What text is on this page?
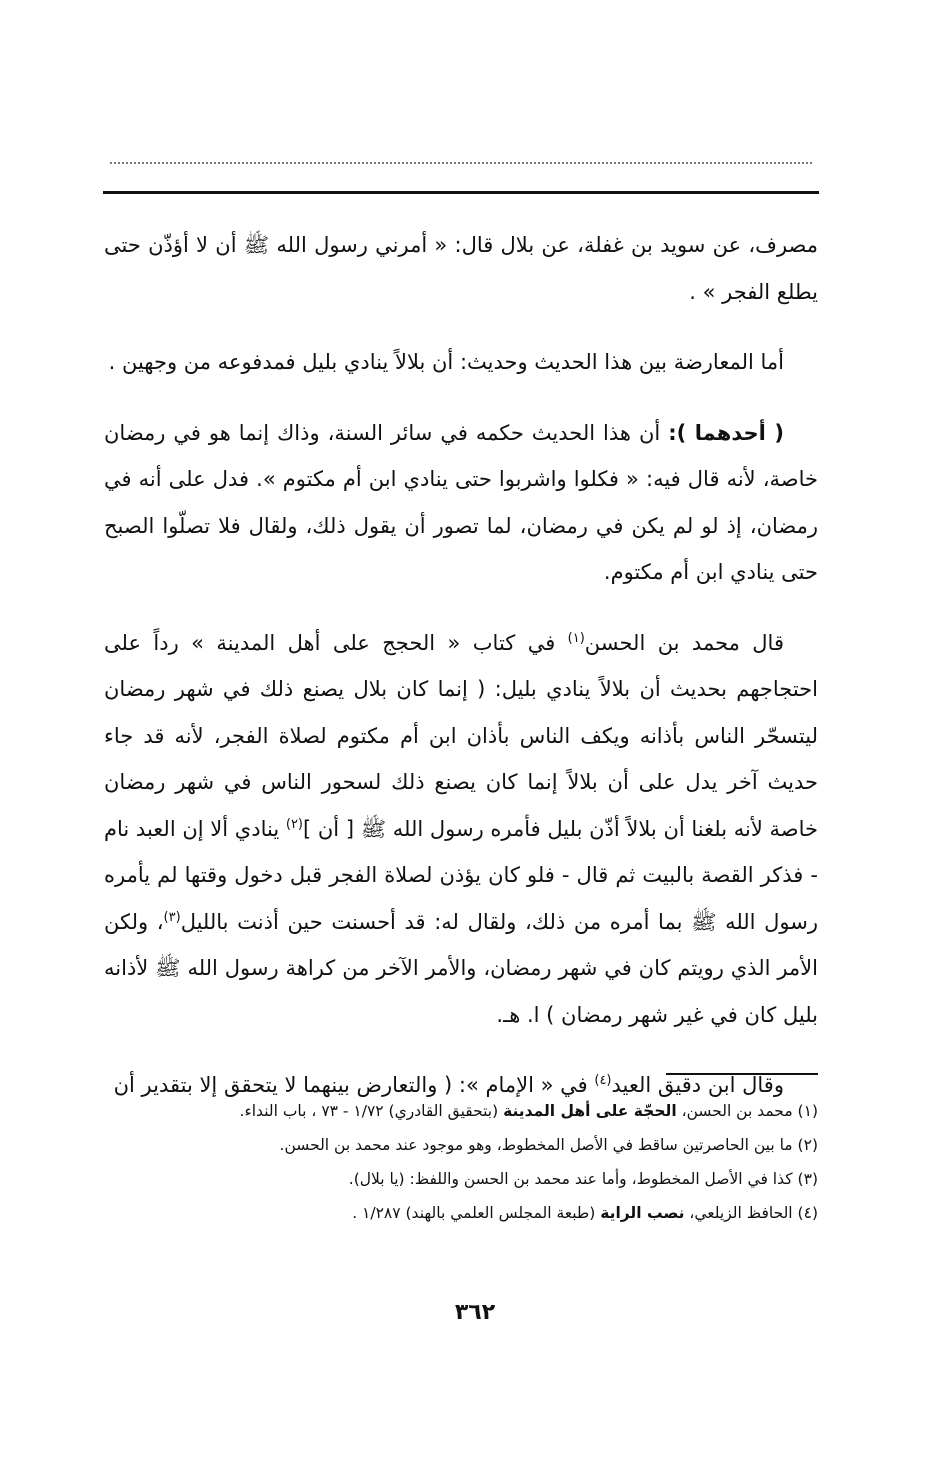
مصرف، عن سويد بن غفلة، عن بلال قال: « أمرني رسول الله ﷺ أن لا أؤذّن حتى يطلع الفجر » .

أما المعارضة بين هذا الحديث وحديث: أن بلالاً ينادي بليل فمدفوعه من وجهين .

( أحدهما ): أن هذا الحديث حكمه في سائر السنة، وذاك إنما هو في رمضان خاصة، لأنه قال فيه: « فكلوا واشربوا حتى ينادي ابن أم مكتوم ». فدل على أنه في رمضان، إذ لو لم يكن في رمضان، لما تصور أن يقول ذلك، ولقال فلا تصلّوا الصبح حتى ينادي ابن أم مكتوم.

قال محمد بن الحسن$^{(١)}$ في كتاب « الحجج على أهل المدينة » رداً على احتجاجهم بحديث أن بلالاً ينادي بليل: ( إنما كان بلال يصنع ذلك في شهر رمضان ليتسحّر الناس بأذانه ويكف الناس بأذان ابن أم مكتوم لصلاة الفجر، لأنه قد جاء حديث آخر يدل على أن بلالاً إنما كان يصنع ذلك لسحور الناس في شهر رمضان خاصة لأنه بلغنا أن بلالاً أذّن بليل فأمره رسول الله ﷺ [ أن ]$^{(٢)}$ ينادي ألا إن العبد نام - فذكر القصة بالبيت ثم قال - فلو كان يؤذن لصلاة الفجر قبل دخول وقتها لم يأمره رسول الله ﷺ بما أمره من ذلك، ولقال له: قد أحسنت حين أذنت بالليل$^{(٣)}$، ولكن الأمر الذي رويتم كان في شهر رمضان، والأمر الآخر من كراهة رسول الله ﷺ لأذانه بليل كان في غير شهر رمضان ) ا. هـ.

وقال ابن دقيق العيد$^{(٤)}$ في « الإمام »: ( والتعارض بينهما لا يتحقق إلا بتقدير أن

(١) محمد بن الحسن، الحجّة على أهل المدينة (بتحقيق القادري) ١/٧٢ - ٧٣ ، باب النداء.

(٢) ما بين الحاصرتين ساقط في الأصل المخطوط، وهو موجود عند محمد بن الحسن.

(٣) كذا في الأصل المخطوط، وأما عند محمد بن الحسن واللفظ: (يا بلال).

(٤) الحافظ الزيلعي، نصب الراية (طبعة المجلس العلمي بالهند) ١/٢٨٧ .

٣٦٢
